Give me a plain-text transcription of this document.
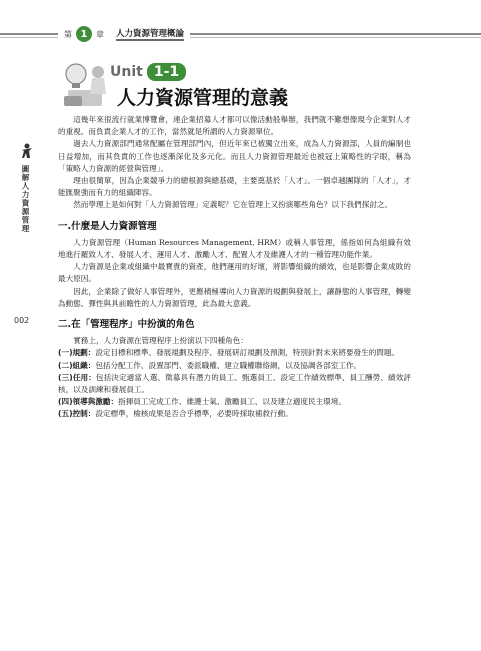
第 1	章 人力資源管理概論
Unit 1-1
人力資源管理的意義
圖解人力資源管理
002

這幾年來很流行就業博覽會，連企業招募人才都可以像活動般舉辦，我們就不難想像現今企業對人才的重視。而負責企業人才的工作，當然就是所謂的人力資源單位。

過去人力資源部門通常配屬在管理部門內，但近年來已被獨立出來，成為人力資源部，人員的編制也日益增加，而其負責的工作也逐漸深化及多元化。而且人力資源管理最近也被冠上策略性的字眼，稱為「策略人力資源的經營與管理」。

理由很簡單，因為企業競爭力的總根源與總基礎，主要奠基於「人才」。一個卓越團隊的「人才」，才能匯聚強而有力的組織陣容。

然而學理上是如何對「人力資源管理」定義呢？它在管理上又扮演哪些角色？以下我們探討之。

一.什麼是人力資源管理

人力資源管理（Human Resources Management, HRM）或稱人事管理，係指如何為組織有效地進行羅致人才、發展人才、運用人才、激勵人才、配置人才及維護人才的一種管理功能作業。

人力資源是企業或組織中最寶貴的資產，他們運用的好壞，將影響組織的績效，也是影響企業成敗的最大原因。

因此，企業除了做好人事管理外，更應積極導向人力資源的規劃與發展上，讓靜態的人事管理，轉變為動態、彈性與具前瞻性的人力資源管理，此為最大意義。

二.在「管理程序」中扮演的角色

實務上，人力資源在管理程序上扮演以下四種角色：

(一)規劃：設定目標和標準、發展規劃及程序、發展研訂規劃及預測，特別針對未來將要發生的問題。

(二)組織：包括分配工作、設置部門、委派職權、建立職權聯絡網，以及協調各部室工作。

(三)任用：包括決定適當人選、徵募具有潛力的員工、甄選員工、設定工作績效標準、員工酬勞、績效評核，以及訓練和發展員工。

(四)領導與激勵：指揮員工完成工作、維護士氣、激勵員工、以及建立適度民主環境。

(五)控制：設定標準，檢核成果是否合乎標準，必要時採取補救行動。
